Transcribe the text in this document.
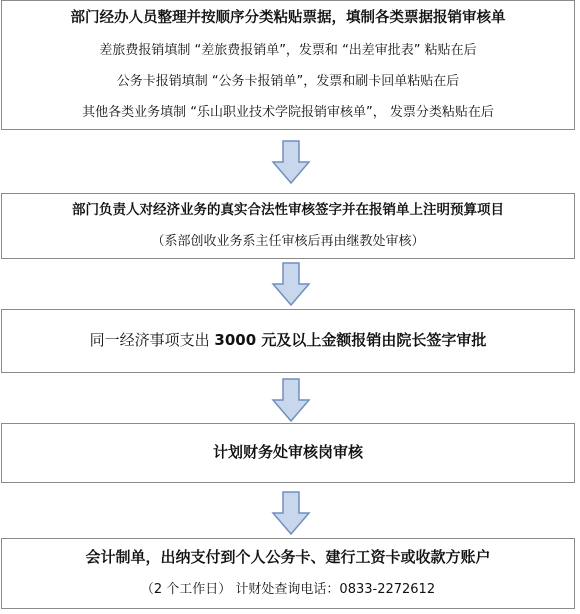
部门经办人员整理并按顺序分类粘贴票据，填制各类票据报销审核单
差旅费报销填制 “差旅费报销单”，发票和 “出差审批表” 粘贴在后
公务卡报销填制 “公务卡报销单”，发票和刷卡回单粘贴在后
其他各类业务填制 “乐山职业技术学院报销审核单”， 发票分类粘贴在后
部门负责人对经济业务的真实合法性审核签字并在报销单上注明预算项目
（系部创收业务系主任审核后再由继教处审核）
同一经济事项支出 3000 元及以上金额报销由院长签字审批
计划财务处审核岗审核
会计制单，出纳支付到个人公务卡、建行工资卡或收款方账户
（2 个工作日） 计财处查询电话：0833-2272612
